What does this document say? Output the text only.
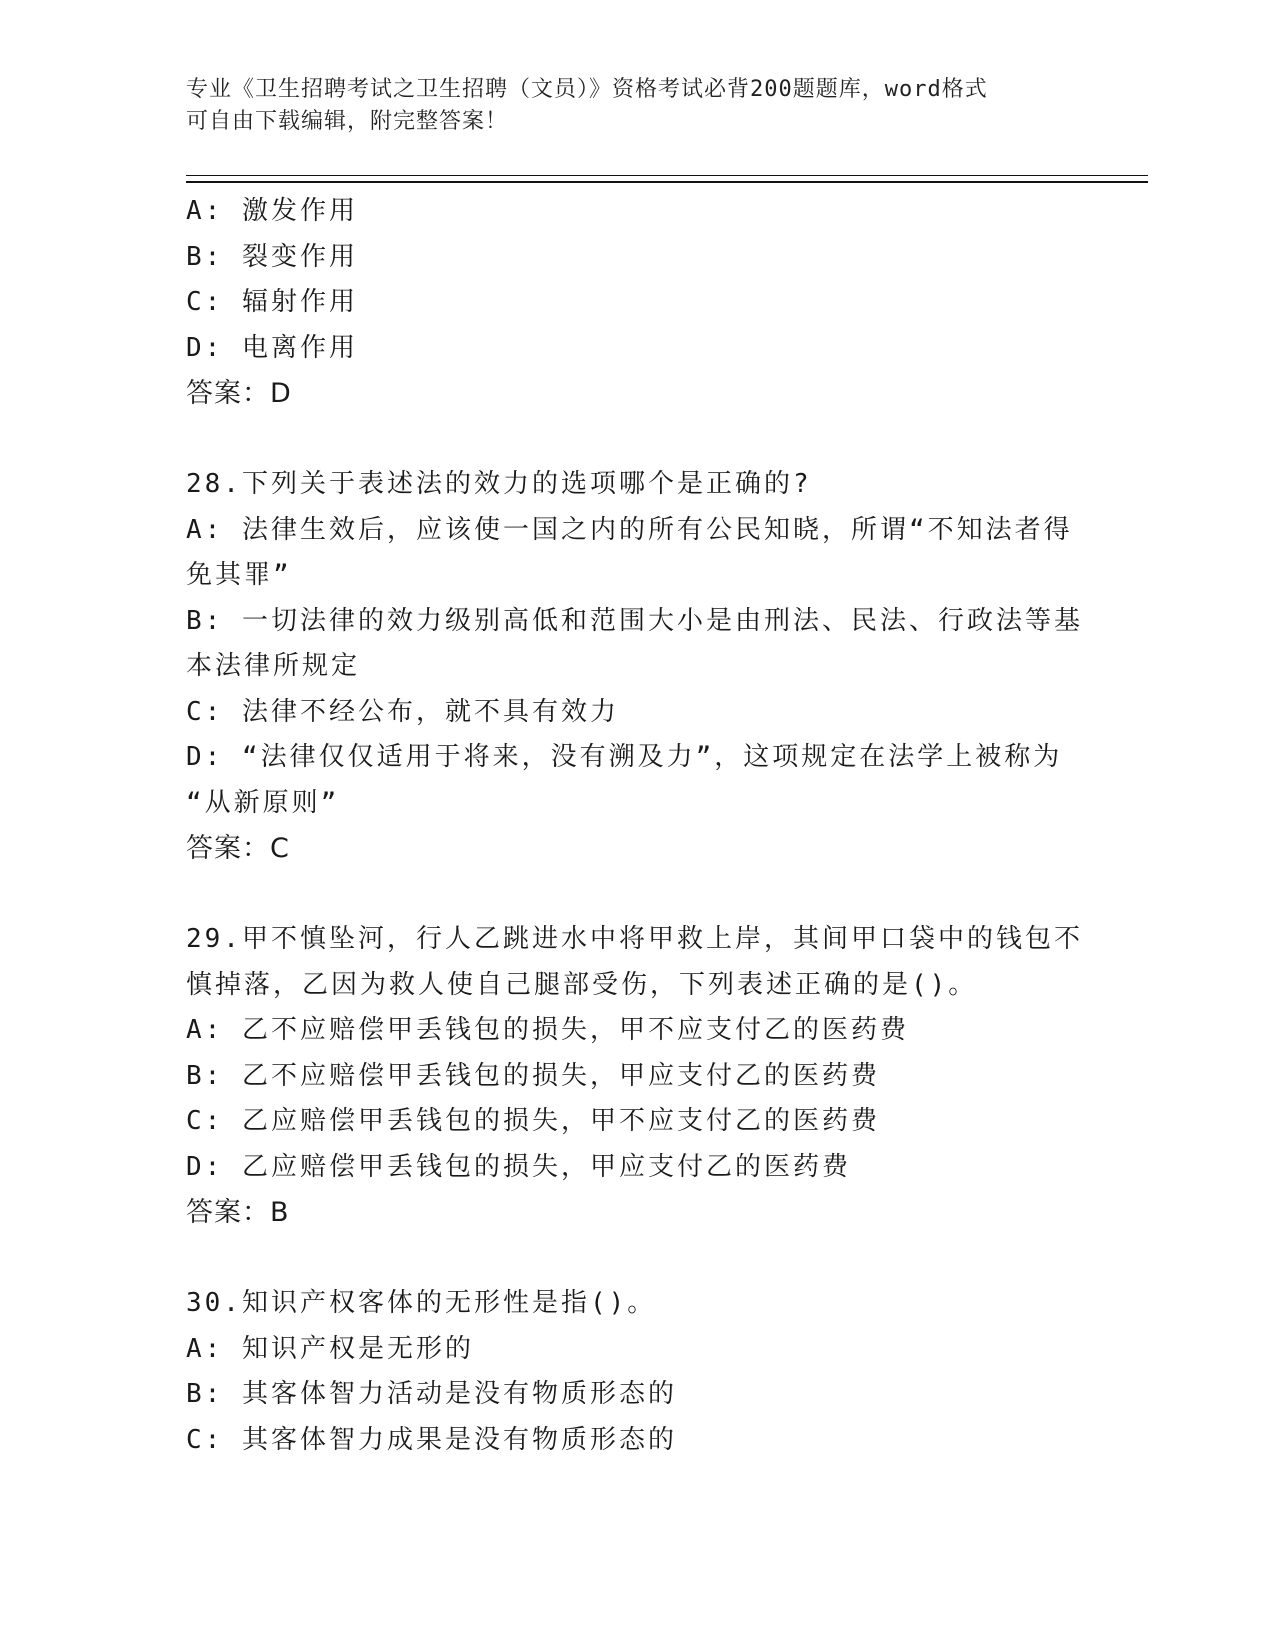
专业《卫生招聘考试之卫生招聘（文员）》资格考试必背200题题库，word格式
可自由下载编辑，附完整答案！
A: 激发作用
B: 裂变作用
C: 辐射作用
D: 电离作用
答案：D
28.下列关于表述法的效力的选项哪个是正确的?
A: 法律生效后，应该使一国之内的所有公民知晓，所谓“不知法者得
免其罪”
B: 一切法律的效力级别高低和范围大小是由刑法、民法、行政法等基
本法律所规定
C: 法律不经公布，就不具有效力
D: “法律仅仅适用于将来，没有溯及力”，这项规定在法学上被称为
“从新原则”
答案：C
29.甲不慎坠河，行人乙跳进水中将甲救上岸，其间甲口袋中的钱包不
慎掉落，乙因为救人使自己腿部受伤，下列表述正确的是()。
A: 乙不应赔偿甲丢钱包的损失，甲不应支付乙的医药费
B: 乙不应赔偿甲丢钱包的损失，甲应支付乙的医药费
C: 乙应赔偿甲丢钱包的损失，甲不应支付乙的医药费
D: 乙应赔偿甲丢钱包的损失，甲应支付乙的医药费
答案：B
30.知识产权客体的无形性是指()。
A: 知识产权是无形的
B: 其客体智力活动是没有物质形态的
C: 其客体智力成果是没有物质形态的
